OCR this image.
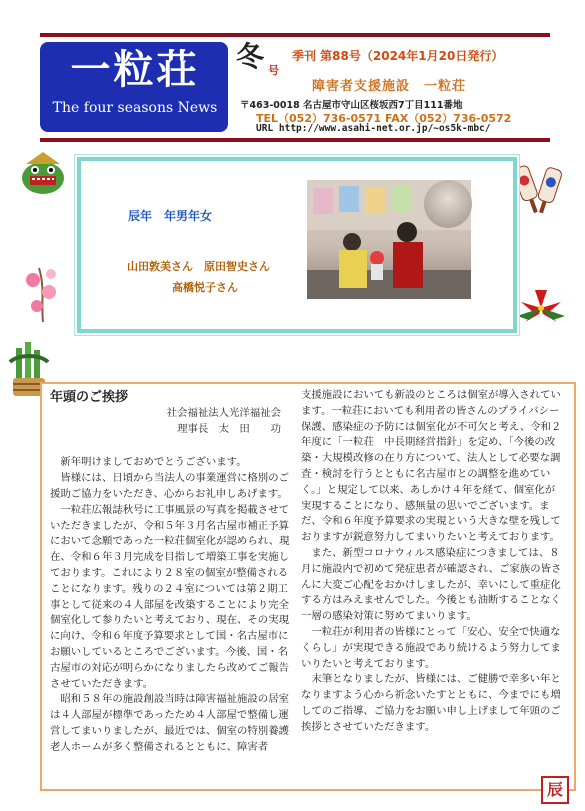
一粒荘
The four seasons News
冬 号
季刊 第88号（2024年1月20日発行）
障害者支援施設　一粒荘
〒463-0018 名古屋市守山区桜坂西7丁目111番地
TEL（052）736-0571 FAX（052）736-0572
URL http://www.asahi-net.or.jp/~os5k-mbc/
辰年　年男年女
山田敦美さん　原田智史さん
高橋悦子さん

年頭のご挨拶

社会福祉法人光洋福祉会

理事長　太　田　　功

新年明けましておめでとうございます。

皆様には、日頃から当法人の事業運営に格別のご援助ご協力をいただき、心からお礼申しあげます。

一粒荘広報誌秋号に工事風景の写真を掲載させていただきましたが、令和５年３月名古屋市補正予算において念願であった一粒荘個室化が認められ、現在、令和６年３月完成を目指して増築工事を実施しております。これにより２８室の個室が整備されることになります。残りの２４室については第２期工事として従来の４人部屋を改築することにより完全個室化して参りたいと考えており、現在、その実現に向け、令和６年度予算要求として国・名古屋市にお願いしているところでございます。今後、国・名古屋市の対応が明らかになりましたら改めてご報告させていただきます。

昭和５８年の施設創設当時は障害福祉施設の居室は４人部屋が標準であったため４人部屋で整備し運営してまいりましたが、最近では、個室の特別養護老人ホームが多く整備されるとともに、障害者

支援施設においても新設のところは個室が導入されています。一粒荘においても利用者の皆さんのプライバシー保護、感染症の予防には個室化が不可欠と考え、令和２年度に「一粒荘　中長期経営指針」を定め、「今後の改築・大規模改修の在り方について、法人として必要な調査・検討を行うとともに名古屋市との調整を進めていく。」と規定して以来、あしかけ４年を経て、個室化が実現することになり、感無量の思いでございます。まだ、令和６年度予算要求の実現という大きな壁を残しておりますが鋭意努力してまいりたいと考えております。

また、新型コロナウィルス感染症につきましては、８月に施設内で初めて発症患者が確認され、ご家族の皆さんに大変ご心配をおかけしましたが、幸いにして重症化する方はみえませんでした。今後とも油断することなく一層の感染対策に努めてまいります。

一粒荘が利用者の皆様にとって「安心、安全で快適なくらし」が実現できる施設であり続けるよう努力してまいりたいと考えております。

末筆となりましたが、皆様には、ご健勝で幸多い年となりますよう心から祈念いたすとともに、今までにも増してのご指導、ご協力をお願い申し上げまして年頭のご挨拶とさせていただきます。

辰
